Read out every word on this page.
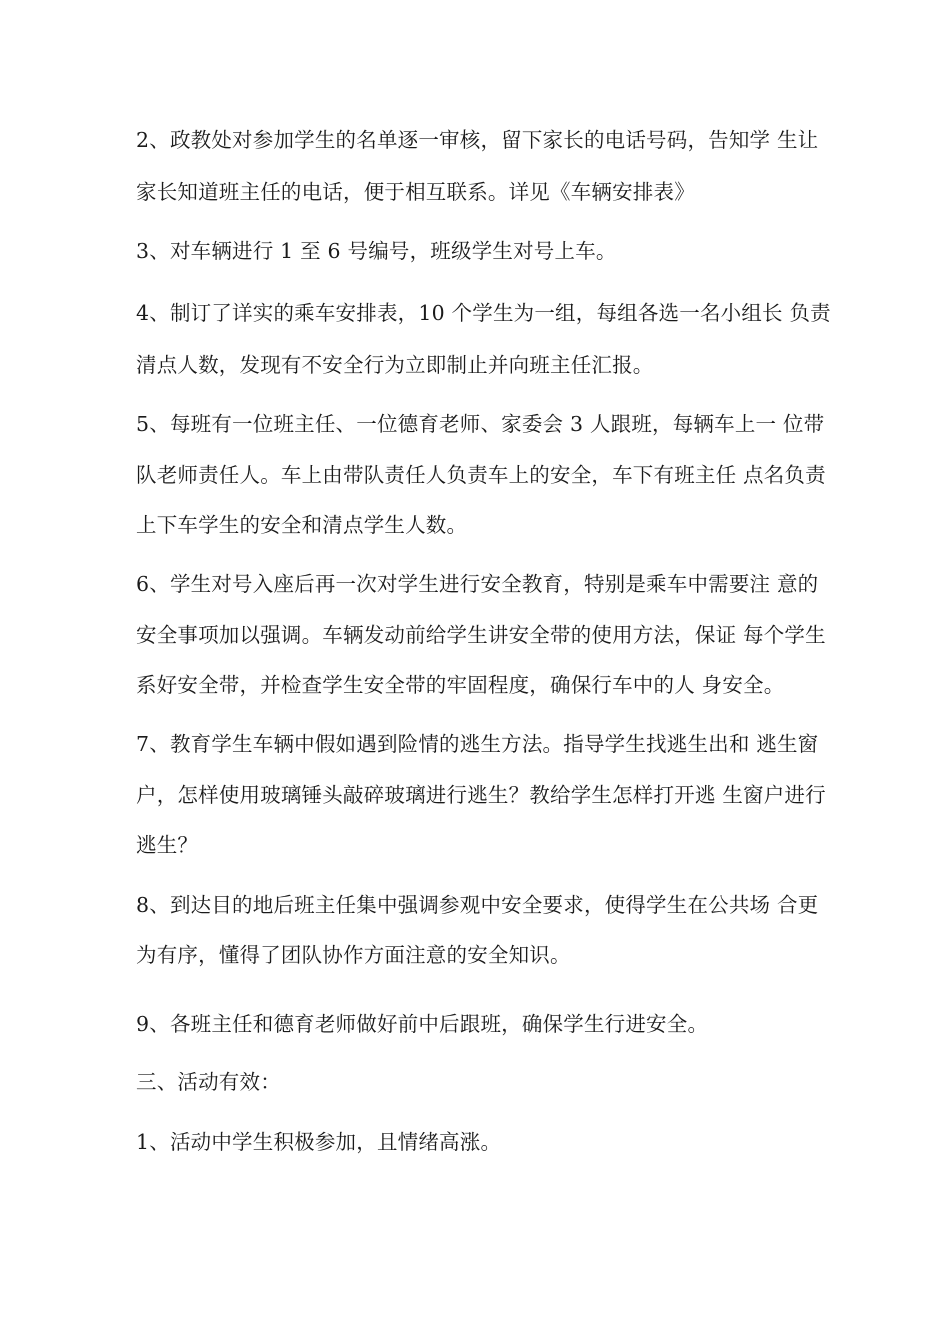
2、政教处对参加学生的名单逐一审核，留下家长的电话号码，告知学 生让
家长知道班主任的电话，便于相互联系。详见《车辆安排表》
3、对车辆进行 1 至 6 号编号，班级学生对号上车。
4、制订了详实的乘车安排表，10 个学生为一组，每组各选一名小组长 负责
清点人数，发现有不安全行为立即制止并向班主任汇报。
5、每班有一位班主任、一位德育老师、家委会 3 人跟班，每辆车上一 位带
队老师责任人。车上由带队责任人负责车上的安全，车下有班主任 点名负责
上下车学生的安全和清点学生人数。
6、学生对号入座后再一次对学生进行安全教育，特别是乘车中需要注 意的
安全事项加以强调。车辆发动前给学生讲安全带的使用方法，保证 每个学生
系好安全带，并检查学生安全带的牢固程度，确保行车中的人 身安全。
7、教育学生车辆中假如遇到险情的逃生方法。指导学生找逃生出和 逃生窗
户，怎样使用玻璃锤头敲碎玻璃进行逃生？教给学生怎样打开逃 生窗户进行
逃生？
8、到达目的地后班主任集中强调参观中安全要求，使得学生在公共场 合更
为有序，懂得了团队协作方面注意的安全知识。
9、各班主任和德育老师做好前中后跟班，确保学生行进安全。
三、活动有效：
1、活动中学生积极参加，且情绪高涨。
